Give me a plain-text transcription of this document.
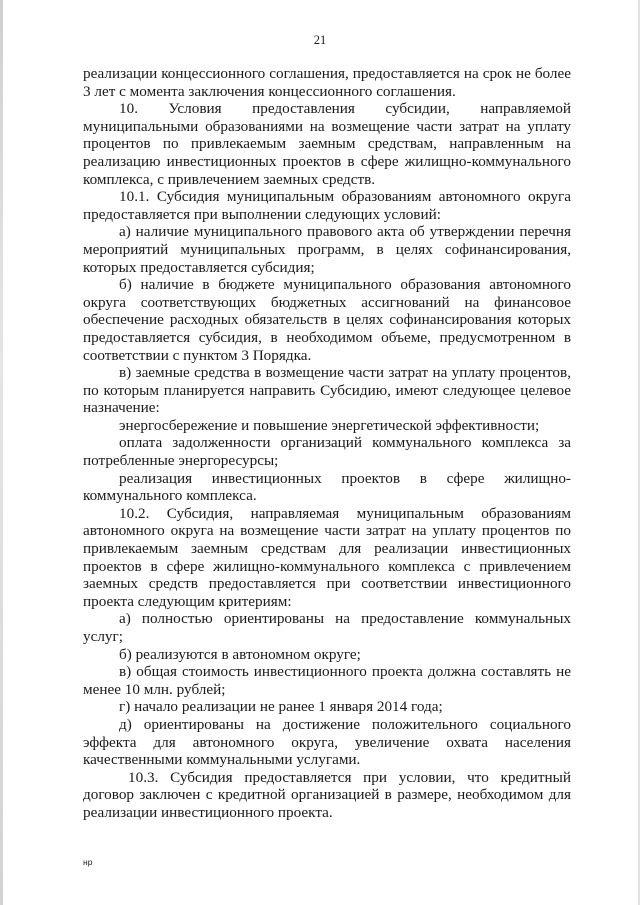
21

реализации концессионного соглашения, предоставляется на срок не более 3 лет с момента заключения концессионного соглашения.

10. Условия предоставления субсидии, направляемой муниципальными образованиями на возмещение части затрат на уплату процентов по привлекаемым заемным средствам, направленным на реализацию инвестиционных проектов в сфере жилищно-коммунального комплекса, с привлечением заемных средств.

10.1. Субсидия муниципальным образованиям автономного округа предоставляется при выполнении следующих условий:

а) наличие муниципального правового акта об утверждении перечня мероприятий муниципальных программ, в целях софинансирования, которых предоставляется субсидия;

б) наличие в бюджете муниципального образования автономного округа соответствующих бюджетных ассигнований на финансовое обеспечение расходных обязательств в целях софинансирования которых предоставляется субсидия, в необходимом объеме, предусмотренном в соответствии с пунктом 3 Порядка.

в) заемные средства в возмещение части затрат на уплату процентов, по которым планируется направить Субсидию, имеют следующее целевое назначение:

энергосбережение и повышение энергетической эффективности;

оплата задолженности организаций коммунального комплекса за потребленные энергоресурсы;

реализация инвестиционных проектов в сфере жилищно-коммунального комплекса.

10.2. Субсидия, направляемая муниципальным образованиям автономного округа на возмещение части затрат на уплату процентов по привлекаемым заемным средствам для реализации инвестиционных проектов в сфере жилищно-коммунального комплекса с привлечением заемных средств предоставляется при соответствии инвестиционного проекта следующим критериям:

а) полностью ориентированы на предоставление коммунальных услуг;

б) реализуются в автономном округе;

в) общая стоимость инвестиционного проекта должна составлять не менее 10 млн. рублей;

г) начало реализации не ранее 1 января 2014 года;

д) ориентированы на достижение положительного социального эффекта для автономного округа, увеличение охвата населения качественными коммунальными услугами.

10.3. Субсидия предоставляется при условии, что кредитный договор заключен с кредитной организацией в размере, необходимом для реализации инвестиционного проекта.

нр
